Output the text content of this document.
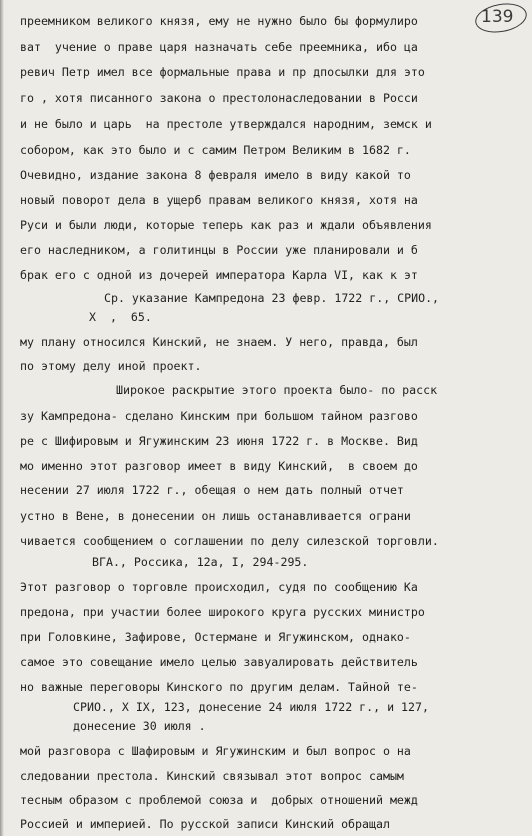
139
преемником великого князя, ему не нужно было бы формулиро
ват  учение о праве царя назначать себе преемника, ибо ца
ревич Петр имел все формальные права и пр дпосылки для это
го , хотя писанного закона о престолонаследовании в Росси
и не было и царь  на престоле утверждался народним, земск и
собором, как это было и с самим Петром Великим в 1682 г.
Очевидно, издание закона 8 февраля имело в виду какой то
новый поворот дела в ущерб правам великого князя, хотя на
Руси и были люди, которые теперь как раз и ждали объявления
его наследником, а голитинцы в России уже планировали и б
брак его с одной из дочерей императора Карла VI, как к эт
Ср. указание Кампредона 23 февр. 1722 г., СРИО.,
Х  ,  65.
му плану относился Кинский, не знаем. У него, правда, был
по этому делу иной проект.
Широкое раскрытие этого проекта было- по расск
зу Кампредона- сделано Кинским при большом тайном разгово
ре с Шифировым и Ягужинским 23 июня 1722 г. в Москве. Вид
мо именно этот разговор имеет в виду Кинский,  в своем до
несении 27 июля 1722 г., обещая о нем дать полный отчет
устно в Вене, в донесении он лишь останавливается ограни
чивается сообщением о соглашении по делу силезской торговли.
ВГА., Россика, 12а, I, 294-295.
Этот разговор о торговле происходил, судя по сообщению Ка
предона, при участии более широкого круга русских министро
при Головкине, Зафирове, Остермане и Ягужинском, однако-
самое это совещание имело целью завуалировать действитель
но важные переговоры Кинского по другим делам. Тайной те-
СРИО., Х IX, 123, донесение 24 июля 1722 г., и 127,
донесение 30 июля .
мой разговора с Шафировым и Ягужинским и был вопрос о на
следовании престола. Кинский связывал этот вопрос самым
тесным образом с проблемой союза и  добрых отношений межд
Россией и империей. По русской записи Кинский обращал
